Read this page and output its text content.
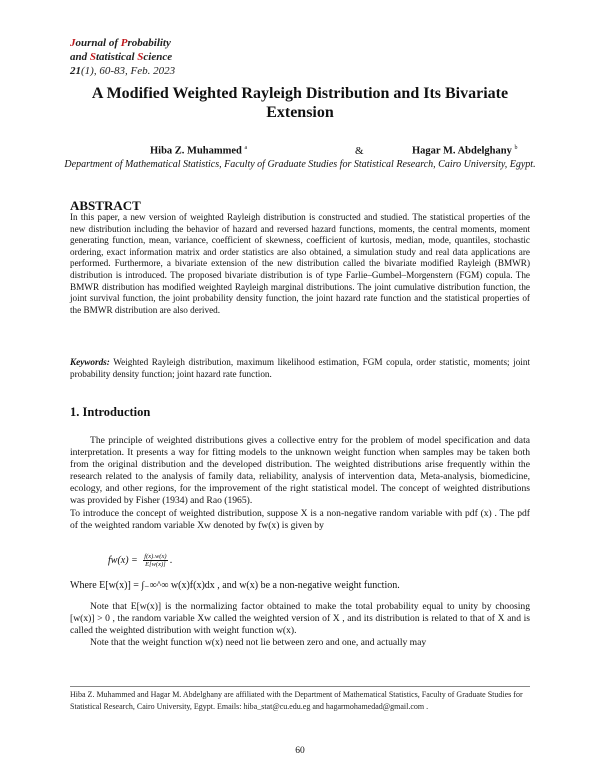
Journal of Probability
and Statistical Science
21(1), 60-83, Feb. 2023
A Modified Weighted Rayleigh Distribution and Its Bivariate Extension
Hiba Z. Muhammed $^a$	&	Hagar M. Abdelghany $^b$
Department of Mathematical Statistics, Faculty of Graduate Studies for Statistical Research, Cairo University, Egypt.
ABSTRACT
In this paper, a new version of weighted Rayleigh distribution is constructed and studied. The statistical properties of the new distribution including the behavior of hazard and reversed hazard functions, moments, the central moments, moment generating function, mean, variance, coefficient of skewness, coefficient of kurtosis, median, mode, quantiles, stochastic ordering, exact information matrix and order statistics are also obtained, a simulation study and real data applications are performed. Furthermore, a bivariate extension of the new distribution called the bivariate modified Rayleigh (BMWR) distribution is introduced. The proposed bivariate distribution is of type Farlie–Gumbel–Morgenstern (FGM) copula. The BMWR distribution has modified weighted Rayleigh marginal distributions. The joint cumulative distribution function, the joint survival function, the joint probability density function, the joint hazard rate function and the statistical properties of the BMWR distribution are also derived.
Keywords: Weighted Rayleigh distribution, maximum likelihood estimation, FGM copula, order statistic, moments; joint probability density function; joint hazard rate function.
1. Introduction
The principle of weighted distributions gives a collective entry for the problem of model specification and data interpretation. It presents a way for fitting models to the unknown weight function when samples may be taken both from the original distribution and the developed distribution. The weighted distributions arise frequently within the research related to the analysis of family data, reliability, analysis of intervention data, Meta-analysis, biomedicine, ecology, and other regions, for the improvement of the right statistical model. The concept of weighted distributions was provided by Fisher (1934) and Rao (1965).
To introduce the concept of weighted distribution, suppose X is a non-negative random variable with pdf (x) . The pdf of the weighted random variable Xw denoted by fw(x) is given by
$fw(x) = \frac{f(x).w(x)}{E[w(x)]}$ .
Where E[w(x)] = ∫₋∞^∞ w(x)f(x)dx , and w(x) be a non-negative weight function.
Note that E[w(x)] is the normalizing factor obtained to make the total probability equal to unity by choosing [w(x)] > 0 , the random variable Xw called the weighted version of X , and its distribution is related to that of X and is called the weighted distribution with weight function w(x).
Note that the weight function w(x) need not lie between zero and one, and actually may
Hiba Z. Muhammed and Hagar M. Abdelghany are affiliated with the Department of Mathematical Statistics, Faculty of Graduate Studies for Statistical Research, Cairo University, Egypt. Emails: hiba_stat@cu.edu.eg and hagarmohamedad@gmail.com .
60
